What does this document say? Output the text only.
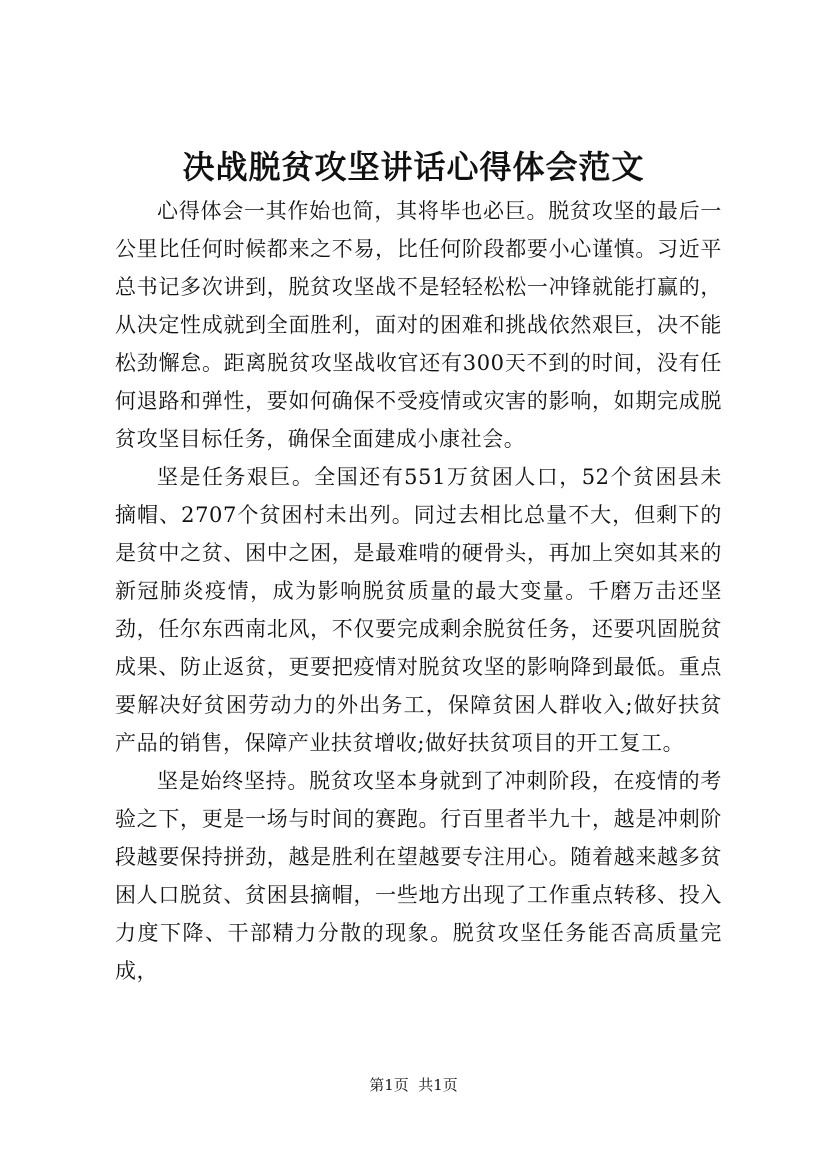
决战脱贫攻坚讲话心得体会范文

心得体会一其作始也简，其将毕也必巨。脱贫攻坚的最后一公里比任何时候都来之不易，比任何阶段都要小心谨慎。习近平总书记多次讲到，脱贫攻坚战不是轻轻松松一冲锋就能打赢的，从决定性成就到全面胜利，面对的困难和挑战依然艰巨，决不能松劲懈怠。距离脱贫攻坚战收官还有300天不到的时间，没有任何退路和弹性，要如何确保不受疫情或灾害的影响，如期完成脱贫攻坚目标任务，确保全面建成小康社会。

坚是任务艰巨。全国还有551万贫困人口，52个贫困县未摘帽、2707个贫困村未出列。同过去相比总量不大，但剩下的是贫中之贫、困中之困，是最难啃的硬骨头，再加上突如其来的新冠肺炎疫情，成为影响脱贫质量的最大变量。千磨万击还坚劲，任尔东西南北风，不仅要完成剩余脱贫任务，还要巩固脱贫成果、防止返贫，更要把疫情对脱贫攻坚的影响降到最低。重点要解决好贫困劳动力的外出务工，保障贫困人群收入;做好扶贫产品的销售，保障产业扶贫增收;做好扶贫项目的开工复工。

坚是始终坚持。脱贫攻坚本身就到了冲刺阶段，在疫情的考验之下，更是一场与时间的赛跑。行百里者半九十，越是冲刺阶段越要保持拼劲，越是胜利在望越要专注用心。随着越来越多贫困人口脱贫、贫困县摘帽，一些地方出现了工作重点转移、投入力度下降、干部精力分散的现象。脱贫攻坚任务能否高质量完成，

第1页  共1页
